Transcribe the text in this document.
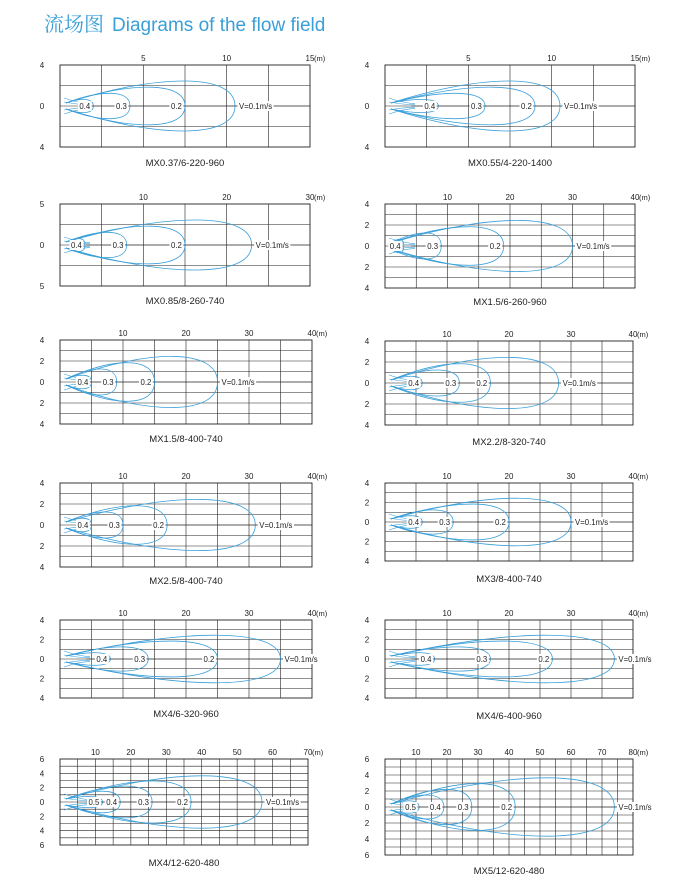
流场图 Diagrams of the flow field
5	10	15 (m)
4
0
4
0.4	0.3	0.2	V=0.1m/s
MX0.37/6-220-960
5	10	15 (m)
4
0
4
0.4	0.3	0.2	V=0.1m/s
MX0.55/4-220-1400
10	20	30 (m)
5
0
5
0.4	0.3	0.2	V=0.1m/s
MX0.85/8-260-740
10	20	30	40 (m)
4
2
0
2
4
0.4	0.3	0.2	V=0.1m/s
MX1.5/6-260-960
10	20	30	40 (m)
4
2
0
2
4
0.4 0.3	0.2	V=0.1m/s
MX1.5/8-400-740
10	20	30	40 (m)
4
2
0
2
4
0.4	0.3	0.2	V=0.1m/s
MX2.2/8-320-740
10	20	30	40 (m)
4
2
0
2
4
0.4	0.3	0.2	V=0.1m/s
MX2.5/8-400-740
10	20	30	40 (m)
4
2
0
2
4
0.4	0.3	0.2	V=0.1m/s
MX3/8-400-740
10	20	30	40 (m)
4
2
0
2
4
0.4	0.3	0.2	V=0.1m/s
MX4/6-320-960
10	20	30	40 (m)
4
2
0
2
4
0.4	0.3	0.2	V=0.1m/s
MX4/6-400-960
10	20	30	40	50	60	70 (m)
6
4
2
0
2
4
6
0.5 0.4	0.3	0.2	V=0.1m/s
MX4/12-620-480
10	20	30	40	50	60	70	80 (m)
6
4
2
0
2
4
6
0.5 0.4 0.3	0.2	V=0.1m/s
MX5/12-620-480
